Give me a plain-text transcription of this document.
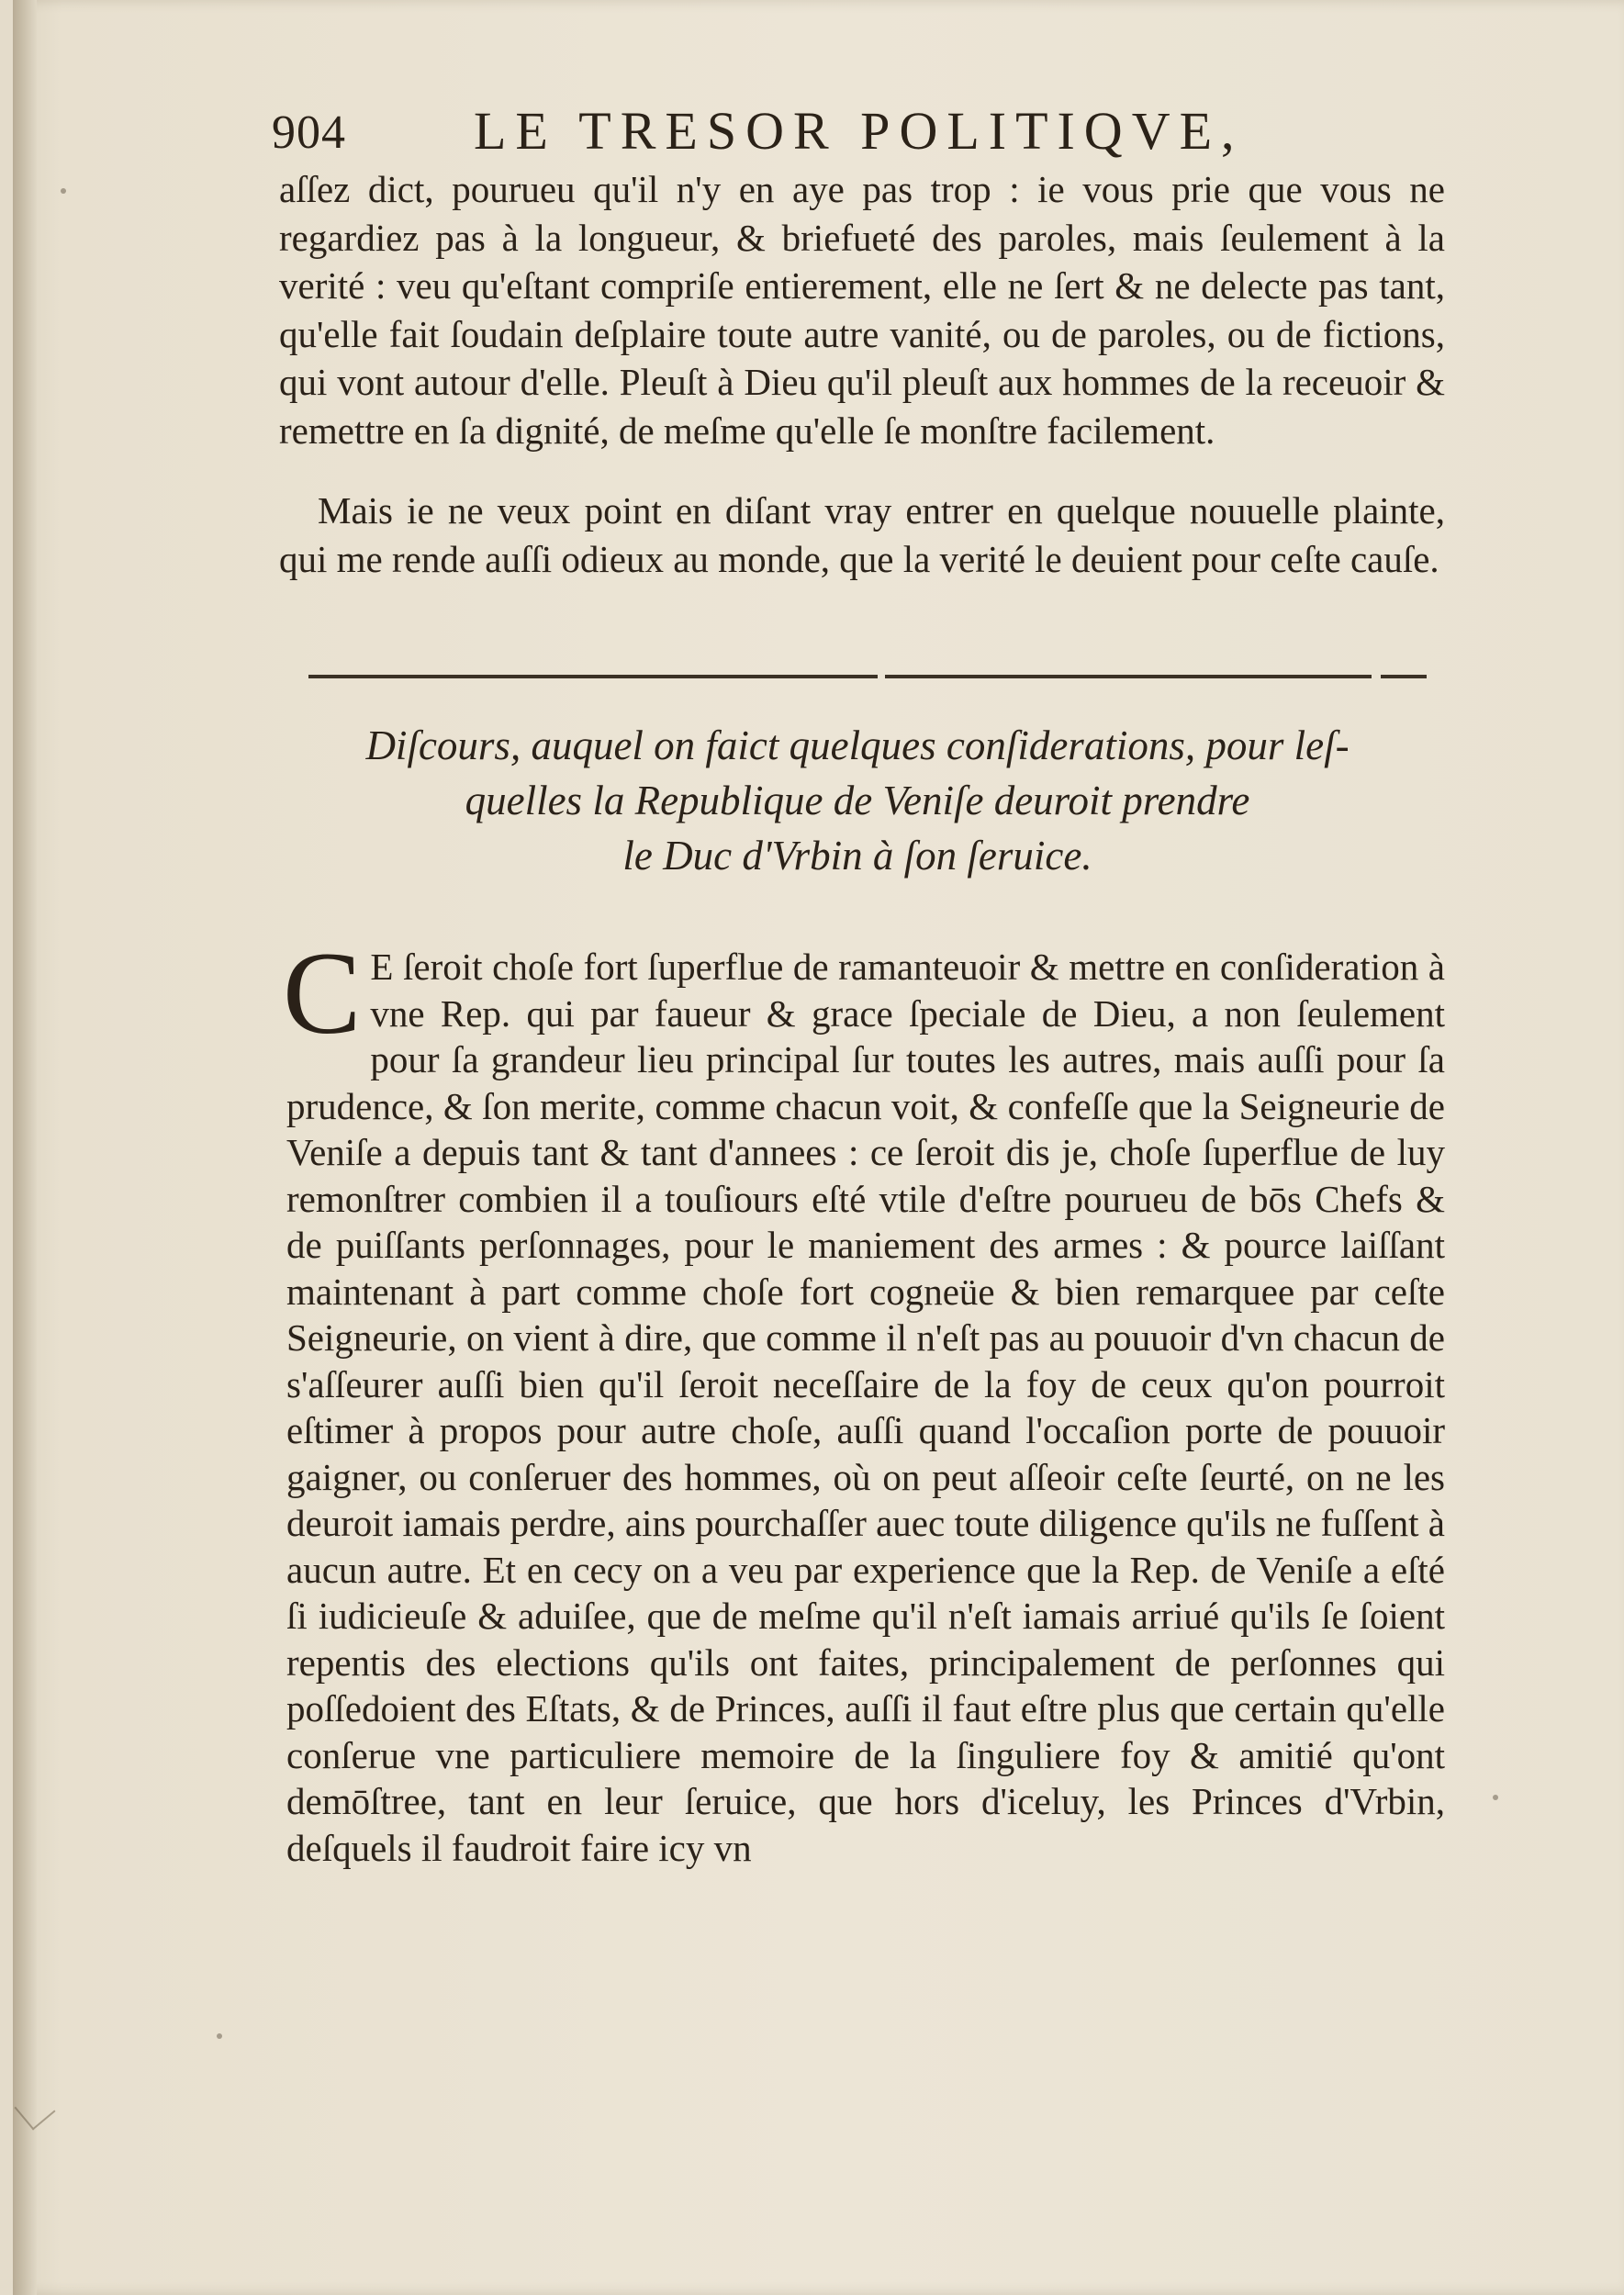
904 LE TRESOR POLITIQVE,

aſſez dict, pourueu qu'il n'y en aye pas trop : ie vous prie que vous ne regardiez pas à la longueur, & briefueté des paroles, mais ſeulement à la verité : veu qu'eſtant compriſe entierement, elle ne ſert & ne delecte pas tant, qu'elle fait ſoudain deſplaire toute autre vanité, ou de paroles, ou de fictions, qui vont autour d'elle. Pleuſt à Dieu qu'il pleuſt aux hommes de la receuoir & remettre en ſa dignité, de meſme qu'elle ſe monſtre facilement.

Mais ie ne veux point en diſant vray entrer en quelque nouuelle plainte, qui me rende auſſi odieux au monde, que la verité le deuient pour ceſte cauſe.

Diſcours, auquel on faict quelques conſiderations, pour leſ-
quelles la Republique de Veniſe deuroit prendre
le Duc d'Vrbin à ſon ſeruice.
C E ſeroit choſe fort ſuperflue de ramanteuoir & mettre en conſideration à vne Rep. qui par faueur & grace ſpeciale de Dieu, a non ſeulement pour ſa grandeur lieu principal ſur toutes les autres, mais auſſi pour ſa prudence, & ſon merite, comme chacun voit, & confeſſe que la Seigneurie de Veniſe a depuis tant & tant d'annees : ce ſeroit dis je, choſe ſuperflue de luy remonſtrer combien il a touſiours eſté vtile d'eſtre pourueu de bōs Chefs & de puiſſants perſonnages, pour le maniement des armes : & pource laiſſant maintenant à part comme choſe fort cogneüe & bien remarquee par ceſte Seigneurie, on vient à dire, que comme il n'eſt pas au pouuoir d'vn chacun de s'aſſeurer auſſi bien qu'il ſeroit neceſſaire de la foy de ceux qu'on pourroit eſtimer à propos pour autre choſe, auſſi quand l'occaſion porte de pouuoir gaigner, ou conſeruer des hommes, où on peut aſſeoir ceſte ſeurté, on ne les deuroit iamais perdre, ains pourchaſſer auec toute diligence qu'ils ne fuſſent à aucun autre. Et en cecy on a veu par experience que la Rep. de Veniſe a eſté ſi iudicieuſe & aduiſee, que de meſme qu'il n'eſt iamais arriué qu'ils ſe ſoient repentis des elections qu'ils ont faites, principalement de perſonnes qui poſſedoient des Eſtats, & de Princes, auſſi il faut eſtre plus que certain qu'elle conſerue vne particuliere memoire de la ſinguliere foy & amitié qu'ont demōſtree, tant en leur ſeruice, que hors d'iceluy, les Princes d'Vrbin, deſquels il faudroit faire icy vn
